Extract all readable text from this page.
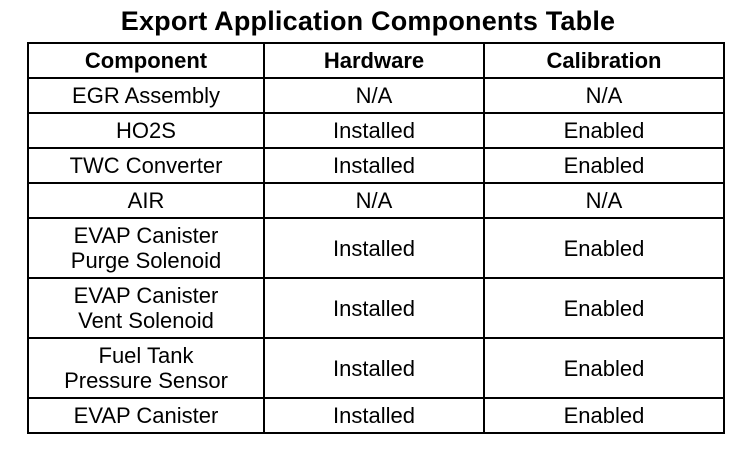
Export Application Components Table
Component	Hardware	Calibration

EGR Assembly	N/A	N/A

HO2S	Installed	Enabled

TWC Converter	Installed	Enabled

AIR	N/A	N/A

EVAP Canister
Purge Solenoid	Installed	Enabled

EVAP Canister
Vent Solenoid	Installed	Enabled

Fuel Tank
Pressure Sensor	Installed	Enabled

EVAP Canister	Installed	Enabled
